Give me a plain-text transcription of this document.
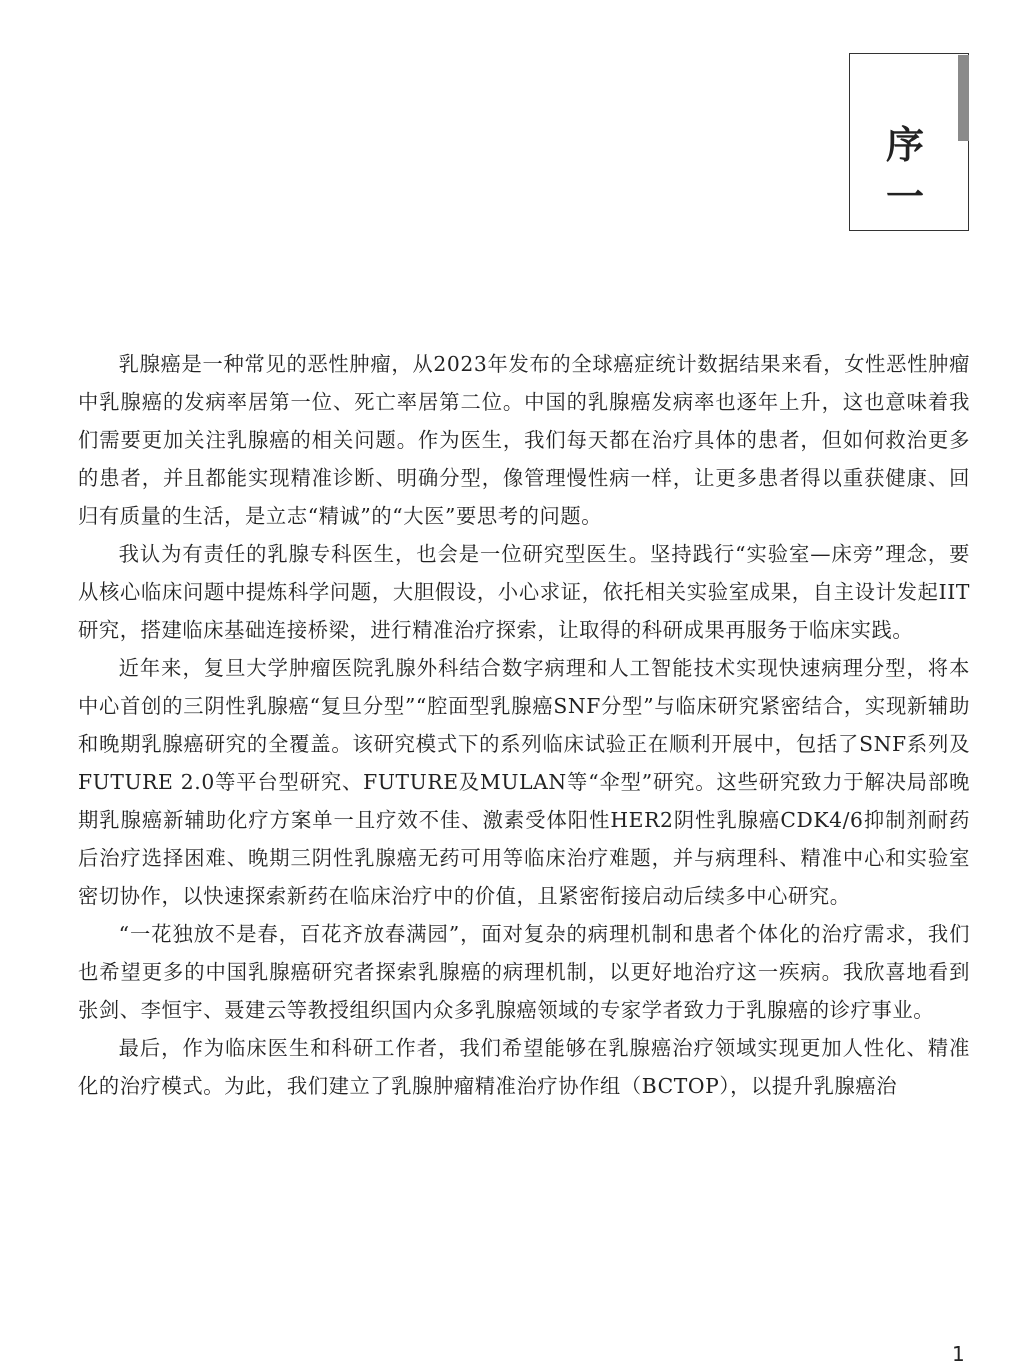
序
一

乳腺癌是一种常见的恶性肿瘤，从2023年发布的全球癌症统计数据结果来看，女性恶性肿瘤中乳腺癌的发病率居第一位、死亡率居第二位。中国的乳腺癌发病率也逐年上升，这也意味着我们需要更加关注乳腺癌的相关问题。作为医生，我们每天都在治疗具体的患者，但如何救治更多的患者，并且都能实现精准诊断、明确分型，像管理慢性病一样，让更多患者得以重获健康、回归有质量的生活，是立志“精诚”的“大医”要思考的问题。

我认为有责任的乳腺专科医生，也会是一位研究型医生。坚持践行“实验室—床旁”理念，要从核心临床问题中提炼科学问题，大胆假设，小心求证，依托相关实验室成果，自主设计发起IIT研究，搭建临床基础连接桥梁，进行精准治疗探索，让取得的科研成果再服务于临床实践。

近年来，复旦大学肿瘤医院乳腺外科结合数字病理和人工智能技术实现快速病理分型，将本中心首创的三阴性乳腺癌“复旦分型”“腔面型乳腺癌SNF分型”与临床研究紧密结合，实现新辅助和晚期乳腺癌研究的全覆盖。该研究模式下的系列临床试验正在顺利开展中，包括了SNF系列及FUTURE 2.0等平台型研究、FUTURE及MULAN等“伞型”研究。这些研究致力于解决局部晚期乳腺癌新辅助化疗方案单一且疗效不佳、激素受体阳性HER2阴性乳腺癌CDK4/6抑制剂耐药后治疗选择困难、晚期三阴性乳腺癌无药可用等临床治疗难题，并与病理科、精准中心和实验室密切协作，以快速探索新药在临床治疗中的价值，且紧密衔接启动后续多中心研究。

“一花独放不是春，百花齐放春满园”，面对复杂的病理机制和患者个体化的治疗需求，我们也希望更多的中国乳腺癌研究者探索乳腺癌的病理机制，以更好地治疗这一疾病。我欣喜地看到张剑、李恒宇、聂建云等教授组织国内众多乳腺癌领域的专家学者致力于乳腺癌的诊疗事业。

最后，作为临床医生和科研工作者，我们希望能够在乳腺癌治疗领域实现更加人性化、精准化的治疗模式。为此，我们建立了乳腺肿瘤精准治疗协作组（BCTOP），以提升乳腺癌治

1
